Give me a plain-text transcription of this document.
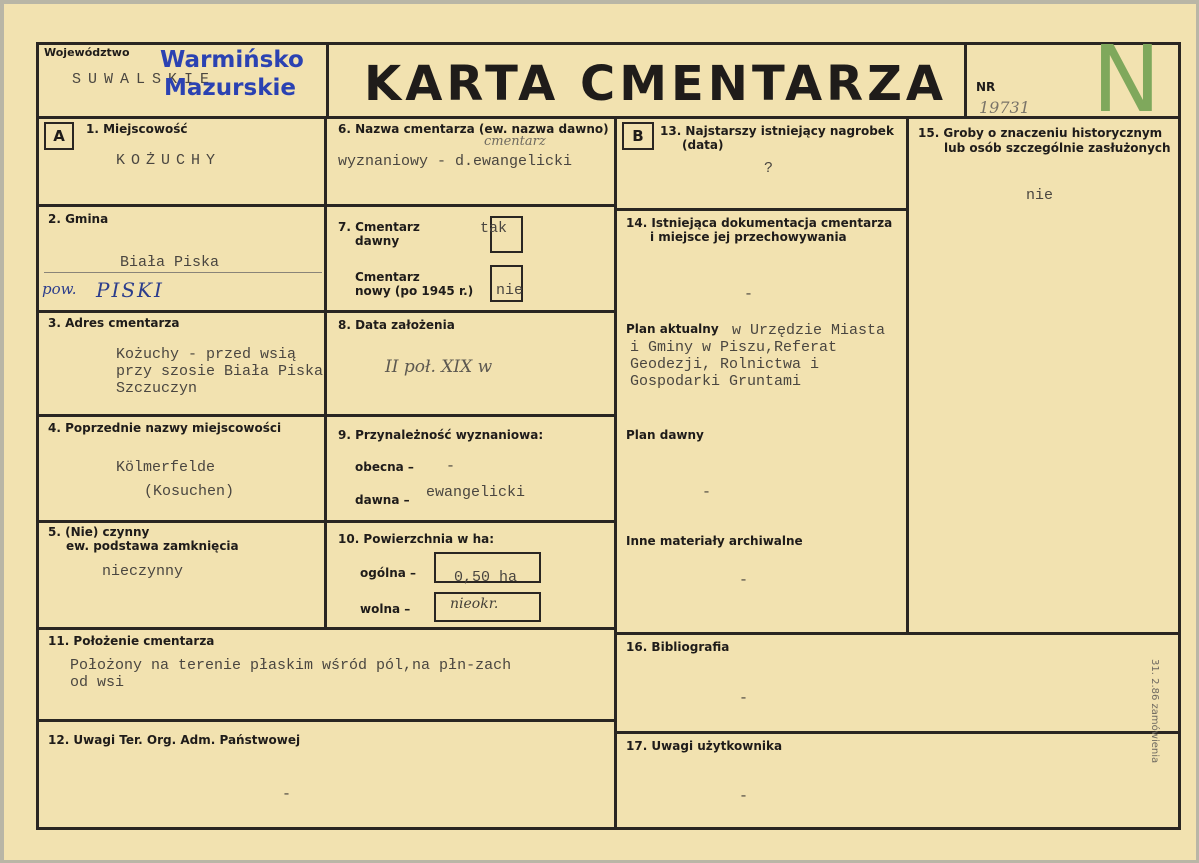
Województwo
SUWALSKIE
Warmińsko
Mazurskie KARTA CMENTARZA NR
19731 N
A	1. Miejscowość
KOŻUCHY
2. Gmina
Biała Piska
pow. PISKI
3. Adres cmentarza
Kożuchy - przed wsią
przy szosie Biała Piska
Szczuczyn
4. Poprzednie nazwy miejscowości
Kölmerfelde
(Kosuchen)
5. (Nie) czynny
ew. podstawa zamknięcia
nieczynny
6. Nazwa cmentarza (ew. nazwa dawno)
cmentarz
wyznaniowy - d.ewangelicki
7. Cmentarz
dawny
tak
Cmentarz
nowy (po 1945 r.) nie
8. Data założenia
II poł. XIX w
9. Przynależność wyznaniowa:
obecna – -
dawna – ewangelicki
10. Powierzchnia w ha:
ogólna –	0,50 ha
wolna –	nieokr.
11. Położenie cmentarza
Położony na terenie płaskim wśród pól,na płn-zach
od wsi
12. Uwagi Ter. Org. Adm. Państwowej
-
B	13. Najstarszy istniejący nagrobek
(data)
?
14. Istniejąca dokumentacja cmentarza
i miejsce jej przechowywania
-
Plan aktualny w Urzędzie Miasta
i Gminy w Piszu,Referat
Geodezji, Rolnictwa i
Gospodarki Gruntami
Plan dawny
-
Inne materiały archiwalne
-
15. Groby o znaczeniu historycznym
lub osób szczególnie zasłużonych
nie
16. Bibliografia
-
17. Uwagi użytkownika
-
31. 2.86 zamówienia
